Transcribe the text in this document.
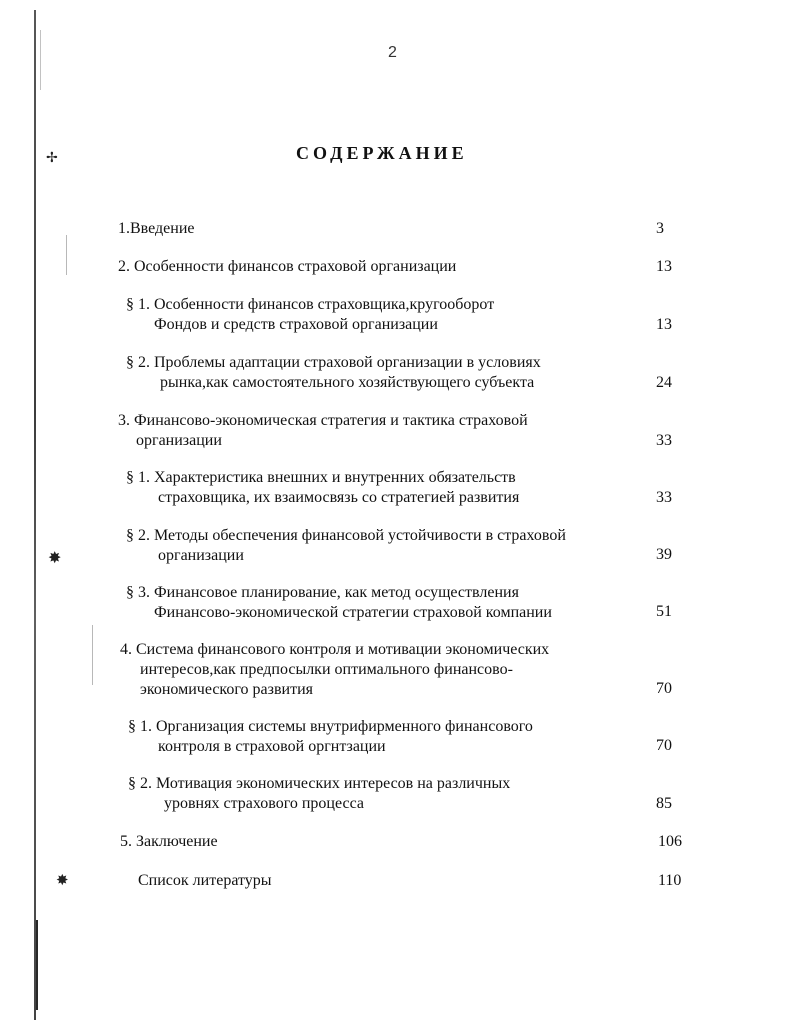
✢
✸
✸
2
СОДЕРЖАНИЕ
1.Введение	3
2. Особенности финансов страховой организации	13
§ 1. Особенности финансов страховщика,кругооборот
Фондов и средств страховой организации	13
§ 2. Проблемы адаптации страховой организации в условиях
рынка,как самостоятельного хозяйствующего субъекта	24
3. Финансово-экономическая стратегия и тактика страховой
организации	33
§ 1. Характеристика внешних и внутренних обязательств
страховщика, их взаимосвязь со стратегией развития	33
§ 2. Методы обеспечения финансовой устойчивости в страховой
организации	39
§ 3. Финансовое планирование, как метод осуществления
Финансово-экономической стратегии страховой компании	51
4. Система финансового контроля и мотивации экономических
интересов,как предпосылки оптимального финансово-
экономического развития	70
§ 1. Организация системы внутрифирменного финансового
контроля в страховой оргнтзации	70
§ 2. Мотивация экономических интересов на различных
уровнях страхового процесса	85
5. Заключение	106
Список литературы	110
